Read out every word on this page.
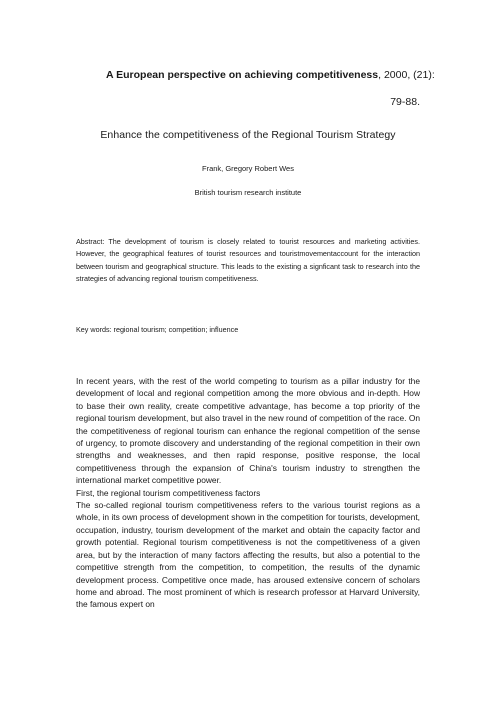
A European perspective on achieving competitiveness, 2000, (21):
79-88.
Enhance the competitiveness of the Regional Tourism Strategy
Frank, Gregory Robert Wes
British tourism research institute
Abstract: The development of tourism is closely related to tourist resources and marketing activities. However, the geographical features of tourist resources and touristmovementaccount for the interaction between tourism and geographical structure. This leads to the existing a signficant task to research into the strategies of advancing regional tourism competitiveness.
Key words: regional tourism; competition; influence

In recent years, with the rest of the world competing to tourism as a pillar industry for the development of local and regional competition among the more obvious and in-depth. How to base their own reality, create competitive advantage, has become a top priority of the regional tourism development, but also travel in the new round of competition of the race. On the competitiveness of regional tourism can enhance the regional competition of the sense of urgency, to promote discovery and understanding of the regional competition in their own strengths and weaknesses, and then rapid response, positive response, the local competitiveness through the expansion of China's tourism industry to strengthen the international market competitive power.

First, the regional tourism competitiveness factors

The so-called regional tourism competitiveness refers to the various tourist regions as a whole, in its own process of development shown in the competition for tourists, development, occupation, industry, tourism development of the market and obtain the capacity factor and growth potential. Regional tourism competitiveness is not the competitiveness of a given area, but by the interaction of many factors affecting the results, but also a potential to the competitive strength from the competition, to competition, the results of the dynamic development process. Competitive once made, has aroused extensive concern of scholars home and abroad. The most prominent of which is research professor at Harvard University, the famous expert on
